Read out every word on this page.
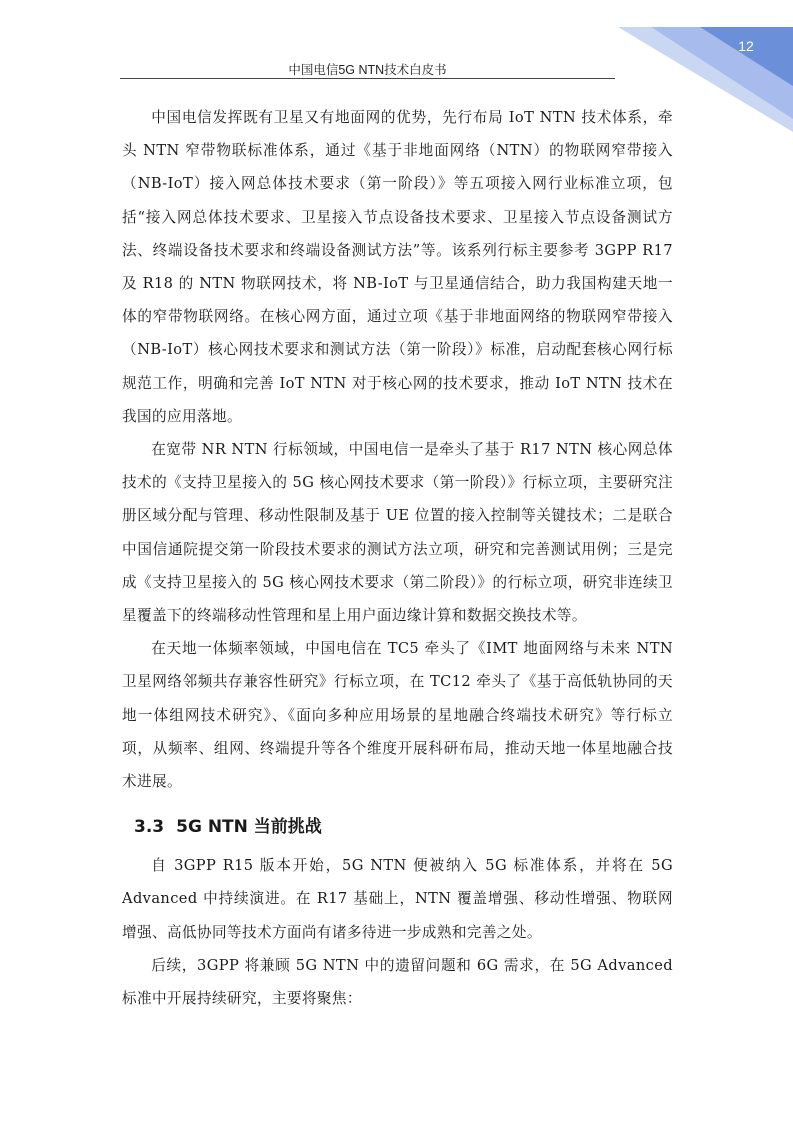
12
中国电信5G NTN技术白皮书

中国电信发挥既有卫星又有地面网的优势，先行布局 IoT NTN 技术体系，牵头 NTN 窄带物联标准体系，通过《基于非地面网络（NTN）的物联网窄带接入（NB-IoT）接入网总体技术要求（第一阶段）》等五项接入网行业标准立项，包括“接入网总体技术要求、卫星接入节点设备技术要求、卫星接入节点设备测试方法、终端设备技术要求和终端设备测试方法”等。该系列行标主要参考 3GPP R17 及 R18 的 NTN 物联网技术，将 NB-IoT 与卫星通信结合，助力我国构建天地一体的窄带物联网络。在核心网方面，通过立项《基于非地面网络的物联网窄带接入（NB-IoT）核心网技术要求和测试方法（第一阶段）》标准，启动配套核心网行标规范工作，明确和完善 IoT NTN 对于核心网的技术要求，推动 IoT NTN 技术在我国的应用落地。

在宽带 NR NTN 行标领域，中国电信一是牵头了基于 R17 NTN 核心网总体技术的《支持卫星接入的 5G 核心网技术要求（第一阶段）》行标立项，主要研究注册区域分配与管理、移动性限制及基于 UE 位置的接入控制等关键技术；二是联合中国信通院提交第一阶段技术要求的测试方法立项，研究和完善测试用例；三是完成《支持卫星接入的 5G 核心网技术要求（第二阶段）》的行标立项，研究非连续卫星覆盖下的终端移动性管理和星上用户面边缘计算和数据交换技术等。

在天地一体频率领域，中国电信在 TC5 牵头了《IMT 地面网络与未来 NTN 卫星网络邻频共存兼容性研究》行标立项，在 TC12 牵头了《基于高低轨协同的天地一体组网技术研究》、《面向多种应用场景的星地融合终端技术研究》等行标立项，从频率、组网、终端提升等各个维度开展科研布局，推动天地一体星地融合技术进展。

3.3 5G NTN 当前挑战

自 3GPP R15 版本开始，5G NTN 便被纳入 5G 标准体系，并将在 5G Advanced 中持续演进。在 R17 基础上，NTN 覆盖增强、移动性增强、物联网增强、高低协同等技术方面尚有诸多待进一步成熟和完善之处。

后续，3GPP 将兼顾 5G NTN 中的遗留问题和 6G 需求，在 5G Advanced 标准中开展持续研究，主要将聚焦：
